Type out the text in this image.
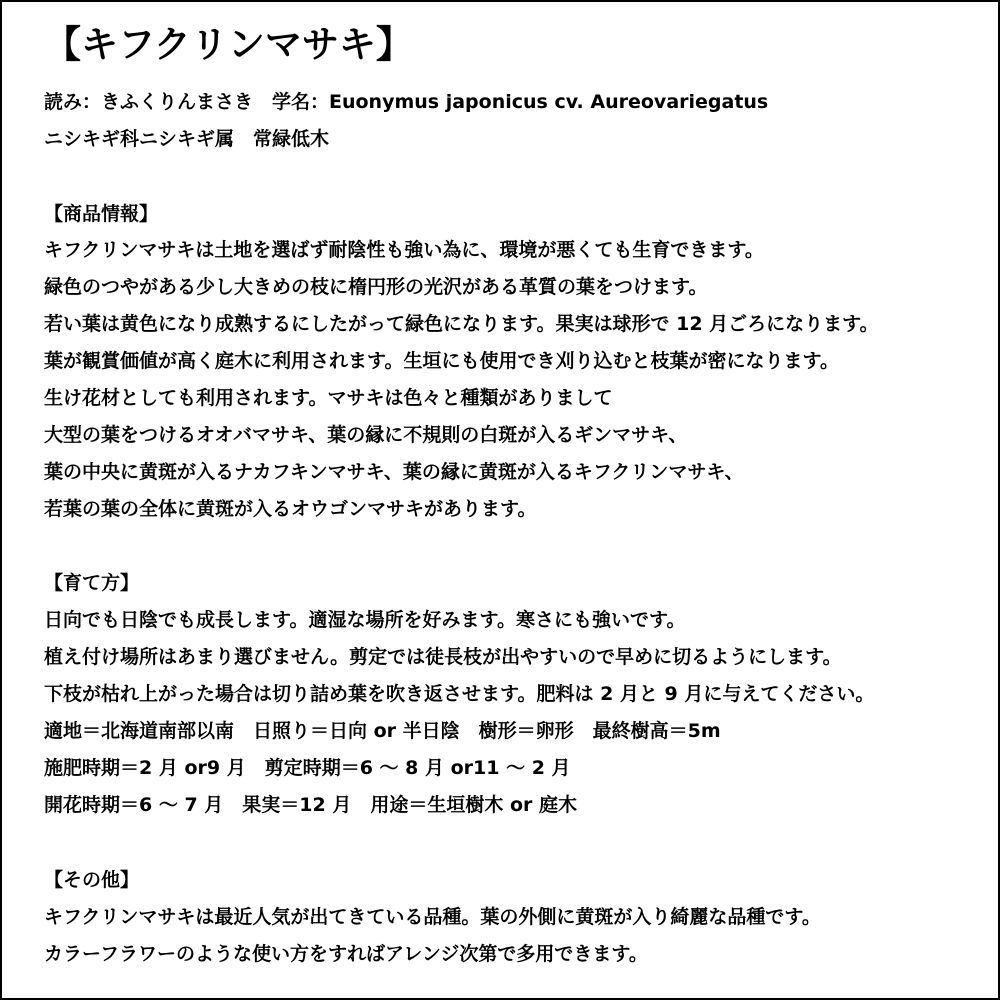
【キフクリンマサキ】
読み：きふくりんまさき　学名：Euonymus japonicus cv. Aureovariegatus
ニシキギ科ニシキギ属　常緑低木
【商品情報】
キフクリンマサキは土地を選ばず耐陰性も強い為に、環境が悪くても生育できます。
緑色のつやがある少し大きめの枝に楕円形の光沢がある革質の葉をつけます。
若い葉は黄色になり成熟するにしたがって緑色になります。果実は球形で 12 月ごろになります。
葉が観賞価値が高く庭木に利用されます。生垣にも使用でき刈り込むと枝葉が密になります。
生け花材としても利用されます。マサキは色々と種類がありまして
大型の葉をつけるオオバマサキ、葉の縁に不規則の白斑が入るギンマサキ、
葉の中央に黄斑が入るナカフキンマサキ、葉の縁に黄斑が入るキフクリンマサキ、
若葉の葉の全体に黄斑が入るオウゴンマサキがあります。
【育て方】
日向でも日陰でも成長します。適湿な場所を好みます。寒さにも強いです。
植え付け場所はあまり選びません。剪定では徒長枝が出やすいので早めに切るようにします。
下枝が枯れ上がった場合は切り詰め葉を吹き返させます。肥料は 2 月と 9 月に与えてください。
適地＝北海道南部以南　日照り＝日向 or 半日陰　樹形＝卵形　最終樹高＝5m
施肥時期＝2 月 or9 月　剪定時期＝6 〜 8 月 or11 〜 2 月
開花時期＝6 〜 7 月　果実＝12 月　用途＝生垣樹木 or 庭木
【その他】
キフクリンマサキは最近人気が出てきている品種。葉の外側に黄斑が入り綺麗な品種です。
カラーフラワーのような使い方をすればアレンジ次第で多用できます。
